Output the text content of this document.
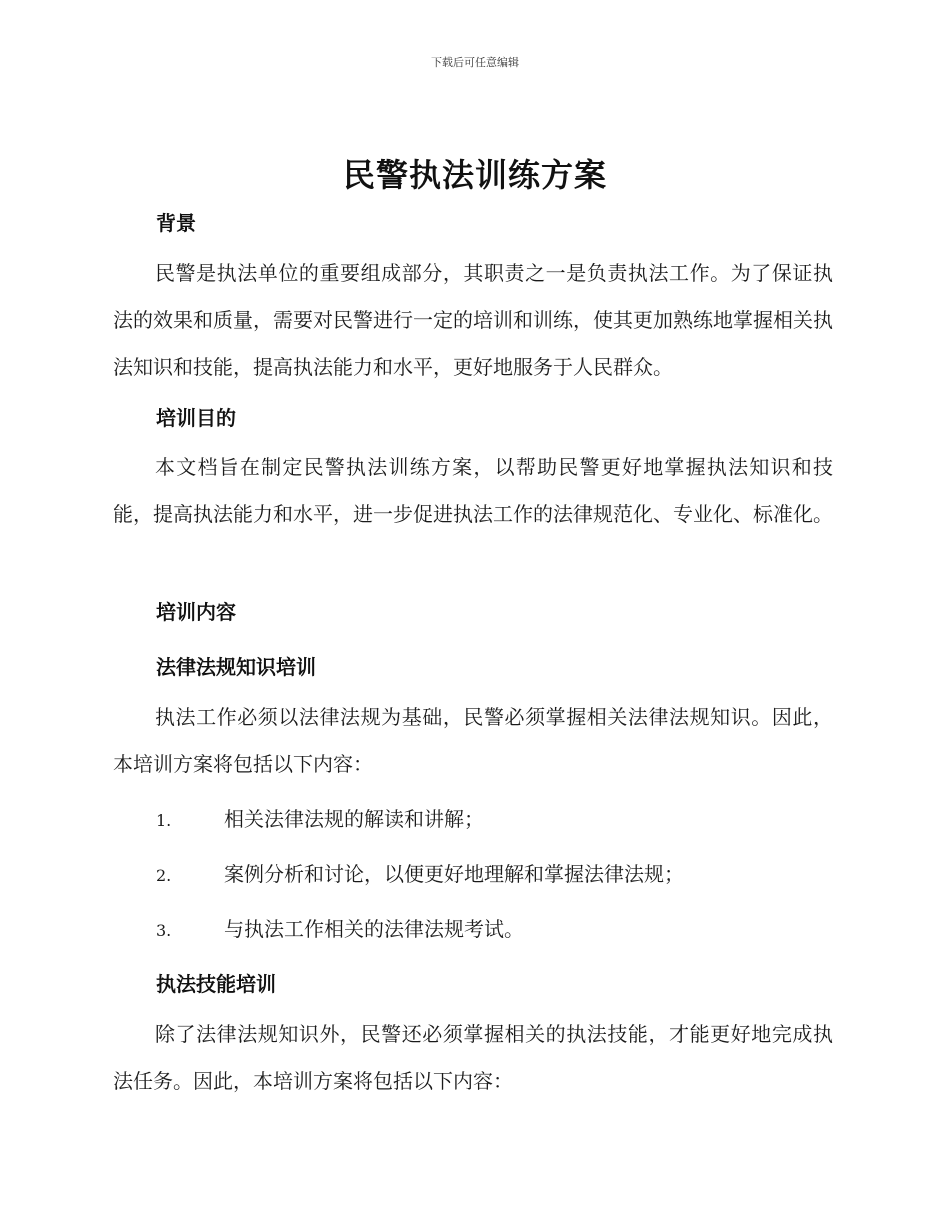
下载后可任意编辑
民警执法训练方案
背景
民警是执法单位的重要组成部分，其职责之一是负责执法工作。为了保证执法的效果和质量，需要对民警进行一定的培训和训练，使其更加熟练地掌握相关执法知识和技能，提高执法能力和水平，更好地服务于人民群众。
培训目的
本文档旨在制定民警执法训练方案，以帮助民警更好地掌握执法知识和技能，提高执法能力和水平，进一步促进执法工作的法律规范化、专业化、标准化。
培训内容
法律法规知识培训
执法工作必须以法律法规为基础，民警必须掌握相关法律法规知识。因此，本培训方案将包括以下内容：
1.	相关法律法规的解读和讲解；
2.	案例分析和讨论，以便更好地理解和掌握法律法规；
3.	与执法工作相关的法律法规考试。
执法技能培训
除了法律法规知识外，民警还必须掌握相关的执法技能，才能更好地完成执法任务。因此，本培训方案将包括以下内容：
